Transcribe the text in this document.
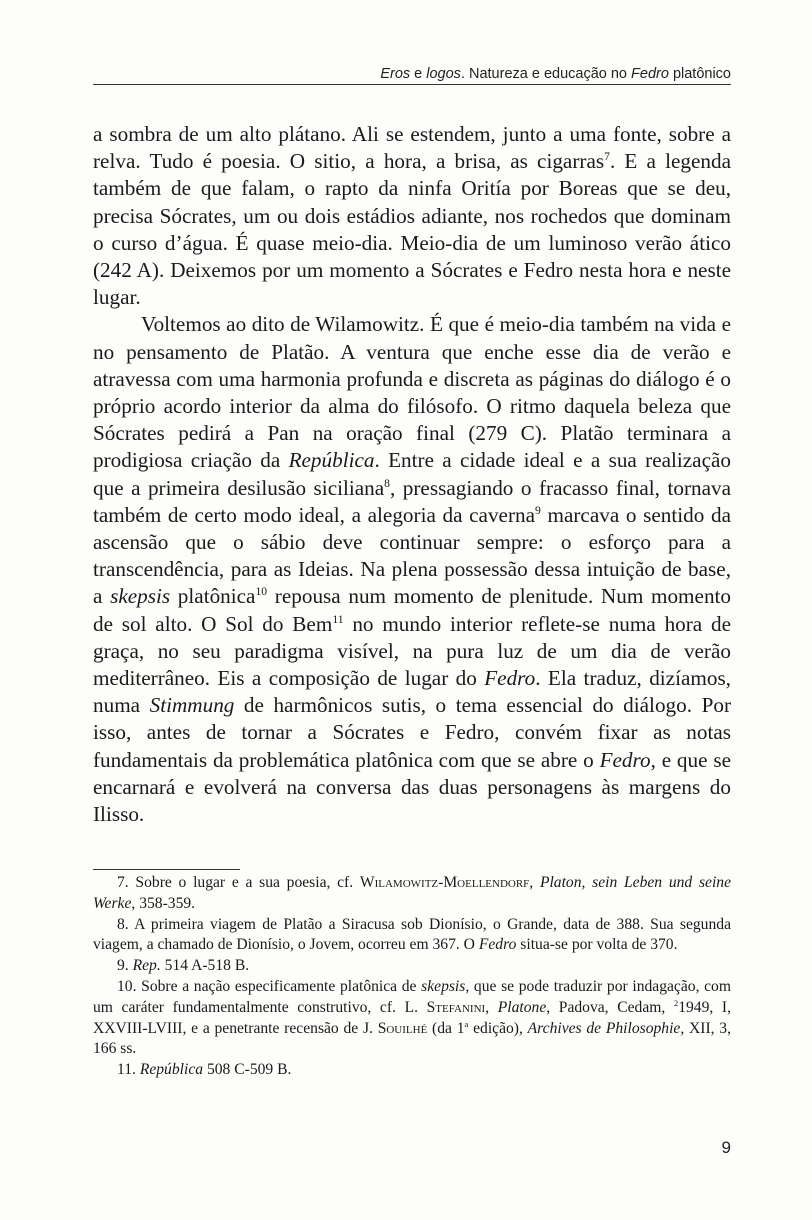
Eros e logos. Natureza e educação no Fedro platônico

a sombra de um alto plátano. Ali se estendem, junto a uma fonte, sobre a relva. Tudo é poesia. O sitio, a hora, a brisa, as cigarras$^7$. E a legenda também de que falam, o rapto da ninfa Oritía por Boreas que se deu, precisa Sócrates, um ou dois estádios adiante, nos rochedos que dominam o curso d’água. É quase meio-dia. Meio-dia de um luminoso verão ático (242 A). Deixemos por um momento a Sócrates e Fedro nesta hora e neste lugar.

Voltemos ao dito de Wilamowitz. É que é meio-dia também na vida e no pensamento de Platão. A ventura que enche esse dia de verão e atravessa com uma harmonia profunda e discreta as páginas do diálogo é o próprio acordo interior da alma do filósofo. O ritmo daquela beleza que Sócrates pedirá a Pan na oração final (279 C). Platão terminara a prodigiosa criação da República. Entre a cidade ideal e a sua realização que a primeira desilusão siciliana$^8$, pressagiando o fracasso final, tornava também de certo modo ideal, a alegoria da caverna$^9$ marcava o sentido da ascensão que o sábio deve continuar sempre: o esforço para a transcendência, para as Ideias. Na plena possessão dessa intuição de base, a skepsis platônica$^{10}$ repousa num momento de plenitude. Num momento de sol alto. O Sol do Bem$^{11}$ no mundo interior reflete-se numa hora de graça, no seu paradigma visível, na pura luz de um dia de verão mediterrâneo. Eis a composição de lugar do Fedro. Ela traduz, dizíamos, numa Stimmung de harmônicos sutis, o tema essencial do diálogo. Por isso, antes de tornar a Sócrates e Fedro, convém fixar as notas fundamentais da problemática platônica com que se abre o Fedro, e que se encarnará e evolverá na conversa das duas personagens às margens do Ilisso.

7. Sobre o lugar e a sua poesia, cf. Wilamowitz-Moellendorf, Platon, sein Leben und seine Werke, 358-359.

8. A primeira viagem de Platão a Siracusa sob Dionísio, o Grande, data de 388. Sua segunda viagem, a chamado de Dionísio, o Jovem, ocorreu em 367. O Fedro situa-se por volta de 370.

9. Rep. 514 A-518 B.

10. Sobre a nação especificamente platônica de skepsis, que se pode traduzir por indagação, com um caráter fundamentalmente construtivo, cf. L. Stefanini, Platone, Padova, Cedam, $^2$1949, I, XXVIII-LVIII, e a penetrante recensão de J. Souilhé (da 1$^a$ edição), Archives de Philosophie, XII, 3, 166 ss.

11. República 508 C-509 B.

9
